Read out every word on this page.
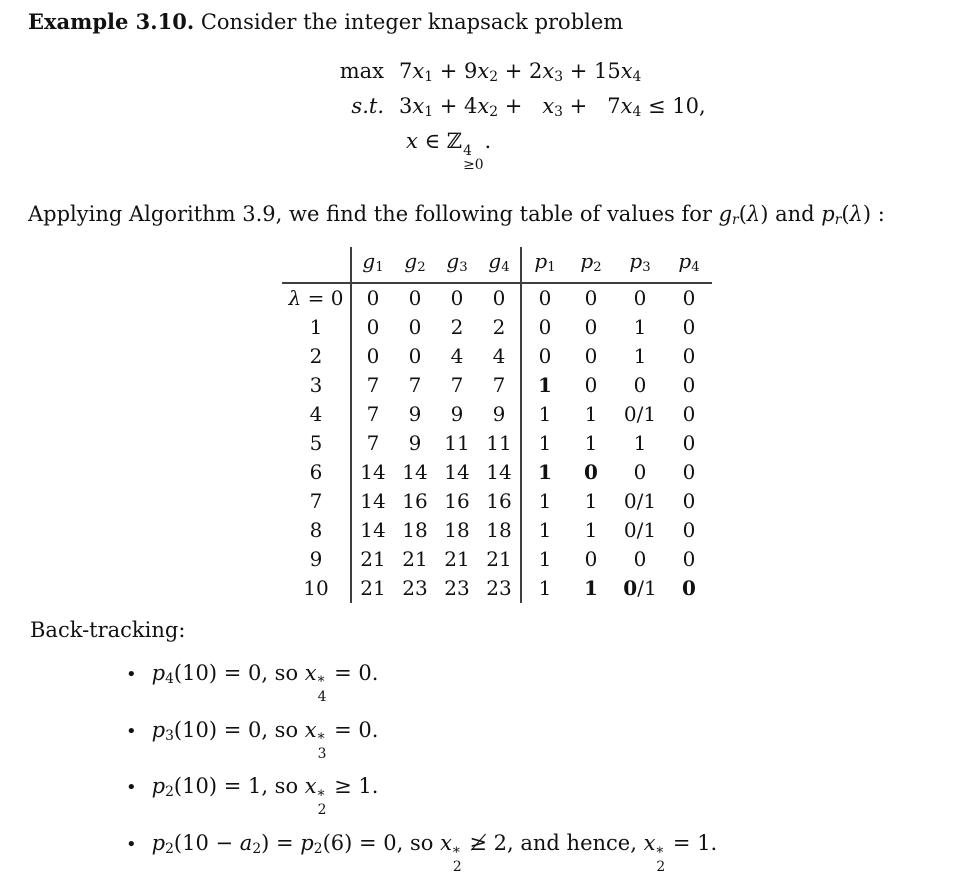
Example 3.10. Consider the integer knapsack problem

max 7x1 + 9x2 + 2x3 + 15x4
s.t. 3x1 + 4x2 +   x3 +   7x4 ≤ 10,
x ∈ ℤ 4
≥0
.

Applying Algorithm 3.9, we find the following table of values for gr(λ) and pr(λ) :

	g1	g2	g3	g4	p1	p2	p3	p4
λ = 0	0	0	0	0	0	0	0	0
1	0	0	2	2	0	0	1	0
2	0	0	4	4	0	0	1	0
3	7	7	7	7	1	0	0	0
4	7	9	9	9	1	1	0/1	0
5	7	9	11	11	1	1	1	0
6	14	14	14	14	1	0	0	0
7	14	16	16	16	1	1	0/1	0
8	14	18	18	18	1	1	0/1	0
9	21	21	21	21	1	0	0	0
10	21	23	23	23	1	1	0/1	0

Back-tracking:

• p4(10) = 0, so x *
4
= 0.
• p3(10) = 0, so x *
3
= 0.
• p2(10) = 1, so x *
2
≥ 1.
• p2(10 − a2) = p2(6) = 0, so x *
2
≱ 2, and hence, x *
2
= 1.
